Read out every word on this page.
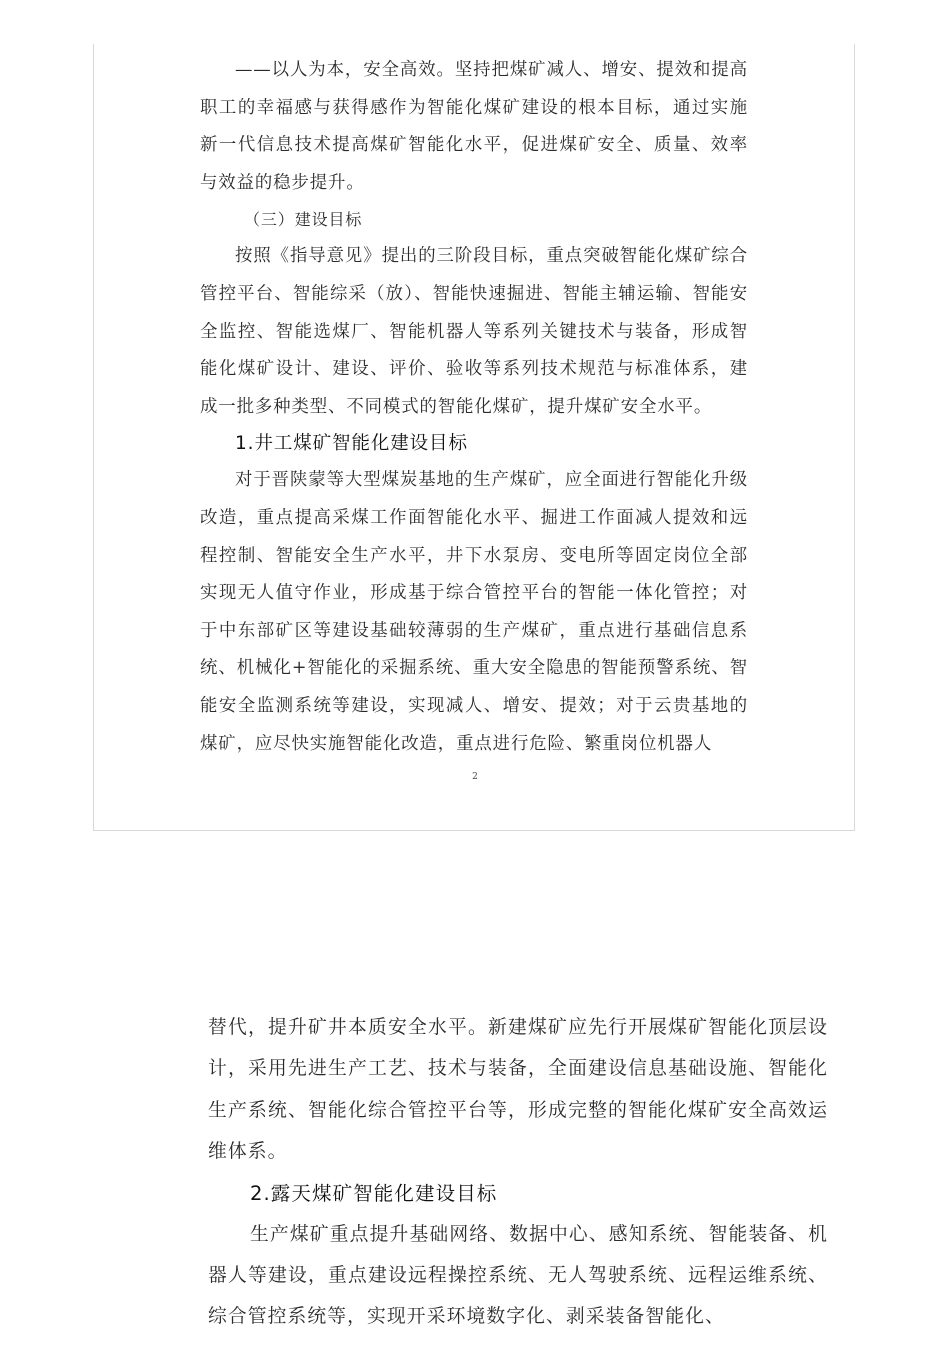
——以人为本，安全高效。坚持把煤矿减人、增安、提效和提高职工的幸福感与获得感作为智能化煤矿建设的根本目标，通过实施新一代信息技术提高煤矿智能化水平，促进煤矿安全、质量、效率与效益的稳步提升。

（三）建设目标

按照《指导意见》提出的三阶段目标，重点突破智能化煤矿综合管控平台、智能综采（放）、智能快速掘进、智能主辅运输、智能安全监控、智能选煤厂、智能机器人等系列关键技术与装备，形成智能化煤矿设计、建设、评价、验收等系列技术规范与标准体系，建成一批多种类型、不同模式的智能化煤矿，提升煤矿安全水平。

1.井工煤矿智能化建设目标

对于晋陕蒙等大型煤炭基地的生产煤矿，应全面进行智能化升级改造，重点提高采煤工作面智能化水平、掘进工作面减人提效和远程控制、智能安全生产水平，井下水泵房、变电所等固定岗位全部实现无人值守作业，形成基于综合管控平台的智能一体化管控；对于中东部矿区等建设基础较薄弱的生产煤矿，重点进行基础信息系统、机械化+智能化的采掘系统、重大安全隐患的智能预警系统、智能安全监测系统等建设，实现减人、增安、提效；对于云贵基地的煤矿，应尽快实施智能化改造，重点进行危险、繁重岗位机器人

2

替代，提升矿井本质安全水平。新建煤矿应先行开展煤矿智能化顶层设计，采用先进生产工艺、技术与装备，全面建设信息基础设施、智能化生产系统、智能化综合管控平台等，形成完整的智能化煤矿安全高效运维体系。

2.露天煤矿智能化建设目标

生产煤矿重点提升基础网络、数据中心、感知系统、智能装备、机器人等建设，重点建设远程操控系统、无人驾驶系统、远程运维系统、综合管控系统等，实现开采环境数字化、剥采装备智能化、
